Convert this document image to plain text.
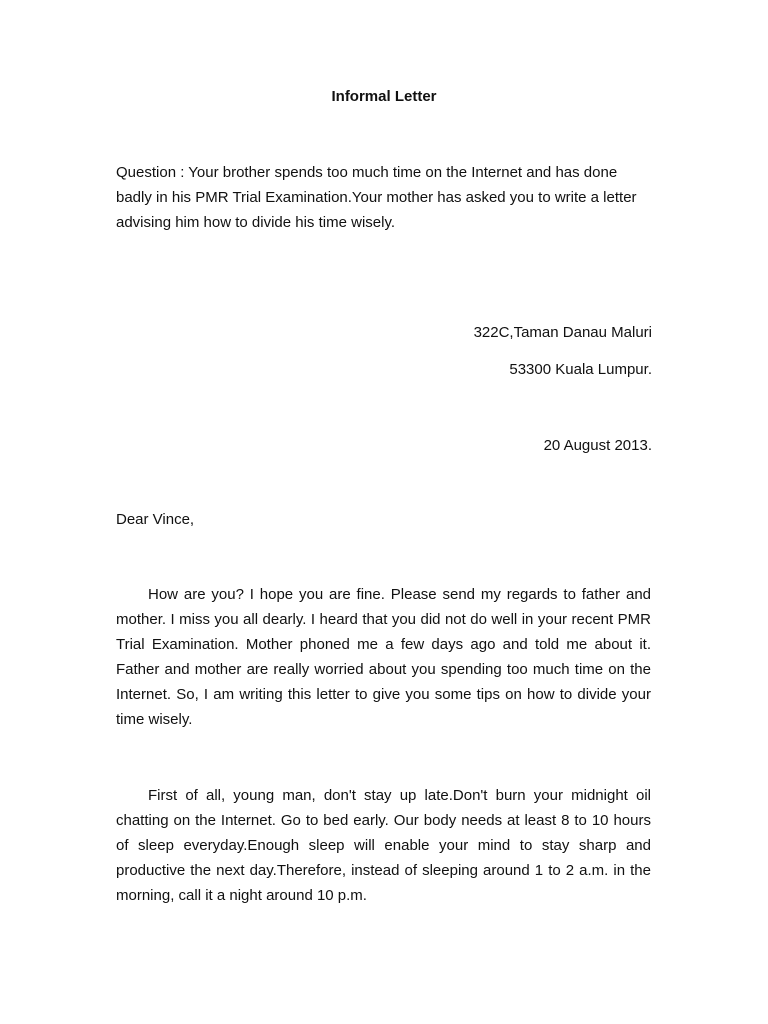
Informal Letter
Question : Your brother spends too much time on the Internet and has done badly in his PMR Trial Examination.Your mother has asked you to write a letter advising him how to divide his time wisely.
322C,Taman Danau Maluri
53300 Kuala Lumpur.
20 August 2013.
Dear Vince,

How are you? I hope you are fine. Please send my regards to father and mother. I miss you all dearly. I heard that you did not do well in your recent PMR Trial Examination. Mother phoned me a few days ago and told me about it. Father and mother are really worried about you spending too much time on the Internet. So, I am writing this letter to give you some tips on how to divide your time wisely.

First of all, young man, don't stay up late.Don't burn your midnight oil chatting on the Internet. Go to bed early. Our body needs at least 8 to 10 hours of sleep everyday.Enough sleep will enable your mind to stay sharp and productive the next day.Therefore, instead of sleeping around 1 to 2 a.m. in the morning, call it a night around 10 p.m.
